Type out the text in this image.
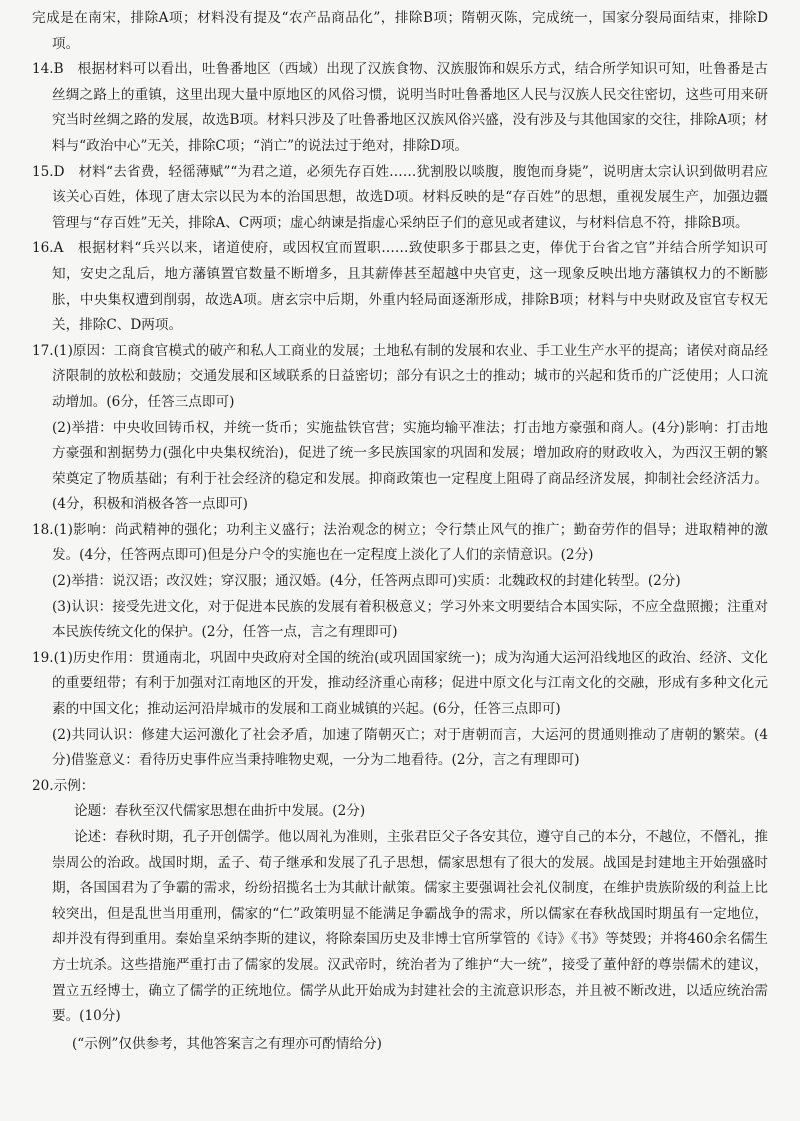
完成是在南宋，排除A项；材料没有提及“农产品商品化”，排除B项；隋朝灭陈，完成统一，国家分裂局面结束，排除D项。

14.B　根据材料可以看出，吐鲁番地区（西域）出现了汉族食物、汉族服饰和娱乐方式，结合所学知识可知，吐鲁番是古丝绸之路上的重镇，这里出现大量中原地区的风俗习惯，说明当时吐鲁番地区人民与汉族人民交往密切，这些可用来研究当时丝绸之路的发展，故选B项。材料只涉及了吐鲁番地区汉族风俗兴盛，没有涉及与其他国家的交往，排除A项；材料与“政治中心”无关，排除C项；“消亡”的说法过于绝对，排除D项。

15.D　材料“去省费，轻徭薄赋”“为君之道，必须先存百姓……犹割股以啖腹，腹饱而身毙”，说明唐太宗认识到做明君应该关心百姓，体现了唐太宗以民为本的治国思想，故选D项。材料反映的是“存百姓”的思想，重视发展生产，加强边疆管理与“存百姓”无关，排除A、C两项；虚心纳谏是指虚心采纳臣子们的意见或者建议，与材料信息不符，排除B项。

16.A　根据材料“兵兴以来，诸道使府，或因权宜而置职……致使职多于郡县之吏，俸优于台省之官”并结合所学知识可知，安史之乱后，地方藩镇置官数量不断增多，且其薪俸甚至超越中央官吏，这一现象反映出地方藩镇权力的不断膨胀，中央集权遭到削弱，故选A项。唐玄宗中后期，外重内轻局面逐渐形成，排除B项；材料与中央财政及宦官专权无关，排除C、D两项。

17.(1)原因：工商食官模式的破产和私人工商业的发展；土地私有制的发展和农业、手工业生产水平的提高；诸侯对商品经济限制的放松和鼓励；交通发展和区域联系的日益密切；部分有识之士的推动；城市的兴起和货币的广泛使用；人口流动增加。(6分，任答三点即可)

(2)举措：中央收回铸币权，并统一货币；实施盐铁官营；实施均输平准法；打击地方豪强和商人。(4分)影响：打击地方豪强和割据势力(强化中央集权统治)，促进了统一多民族国家的巩固和发展；增加政府的财政收入，为西汉王朝的繁荣奠定了物质基础；有利于社会经济的稳定和发展。抑商政策也一定程度上阻碍了商品经济发展，抑制社会经济活力。(4分，积极和消极各答一点即可)

18.(1)影响：尚武精神的强化；功利主义盛行；法治观念的树立；令行禁止风气的推广；勤奋劳作的倡导；进取精神的激发。(4分，任答两点即可)但是分户令的实施也在一定程度上淡化了人们的亲情意识。(2分)

(2)举措：说汉语；改汉姓；穿汉服；通汉婚。(4分，任答两点即可)实质：北魏政权的封建化转型。(2分)

(3)认识：接受先进文化，对于促进本民族的发展有着积极意义；学习外来文明要结合本国实际，不应全盘照搬；注重对本民族传统文化的保护。(2分，任答一点，言之有理即可)

19.(1)历史作用：贯通南北，巩固中央政府对全国的统治(或巩固国家统一)；成为沟通大运河沿线地区的政治、经济、文化的重要纽带；有利于加强对江南地区的开发，推动经济重心南移；促进中原文化与江南文化的交融，形成有多种文化元素的中国文化；推动运河沿岸城市的发展和工商业城镇的兴起。(6分，任答三点即可)

(2)共同认识：修建大运河激化了社会矛盾，加速了隋朝灭亡；对于唐朝而言，大运河的贯通则推动了唐朝的繁荣。(4分)借鉴意义：看待历史事件应当秉持唯物史观，一分为二地看待。(2分，言之有理即可)

20.示例：

论题：春秋至汉代儒家思想在曲折中发展。(2分)

论述：春秋时期，孔子开创儒学。他以周礼为准则，主张君臣父子各安其位，遵守自己的本分，不越位，不僭礼，推崇周公的治政。战国时期，孟子、荀子继承和发展了孔子思想，儒家思想有了很大的发展。战国是封建地主开始强盛时期，各国国君为了争霸的需求，纷纷招揽名士为其献计献策。儒家主要强调社会礼仪制度，在维护贵族阶级的利益上比较突出，但是乱世当用重刑，儒家的“仁”政策明显不能满足争霸战争的需求，所以儒家在春秋战国时期虽有一定地位，却并没有得到重用。秦始皇采纳李斯的建议，将除秦国历史及非博士官所掌管的《诗》《书》等焚毁；并将460余名儒生方士坑杀。这些措施严重打击了儒家的发展。汉武帝时，统治者为了维护“大一统”，接受了董仲舒的尊崇儒术的建议，置立五经博士，确立了儒学的正统地位。儒学从此开始成为封建社会的主流意识形态，并且被不断改进，以适应统治需要。(10分)

(“示例”仅供参考，其他答案言之有理亦可酌情给分)
